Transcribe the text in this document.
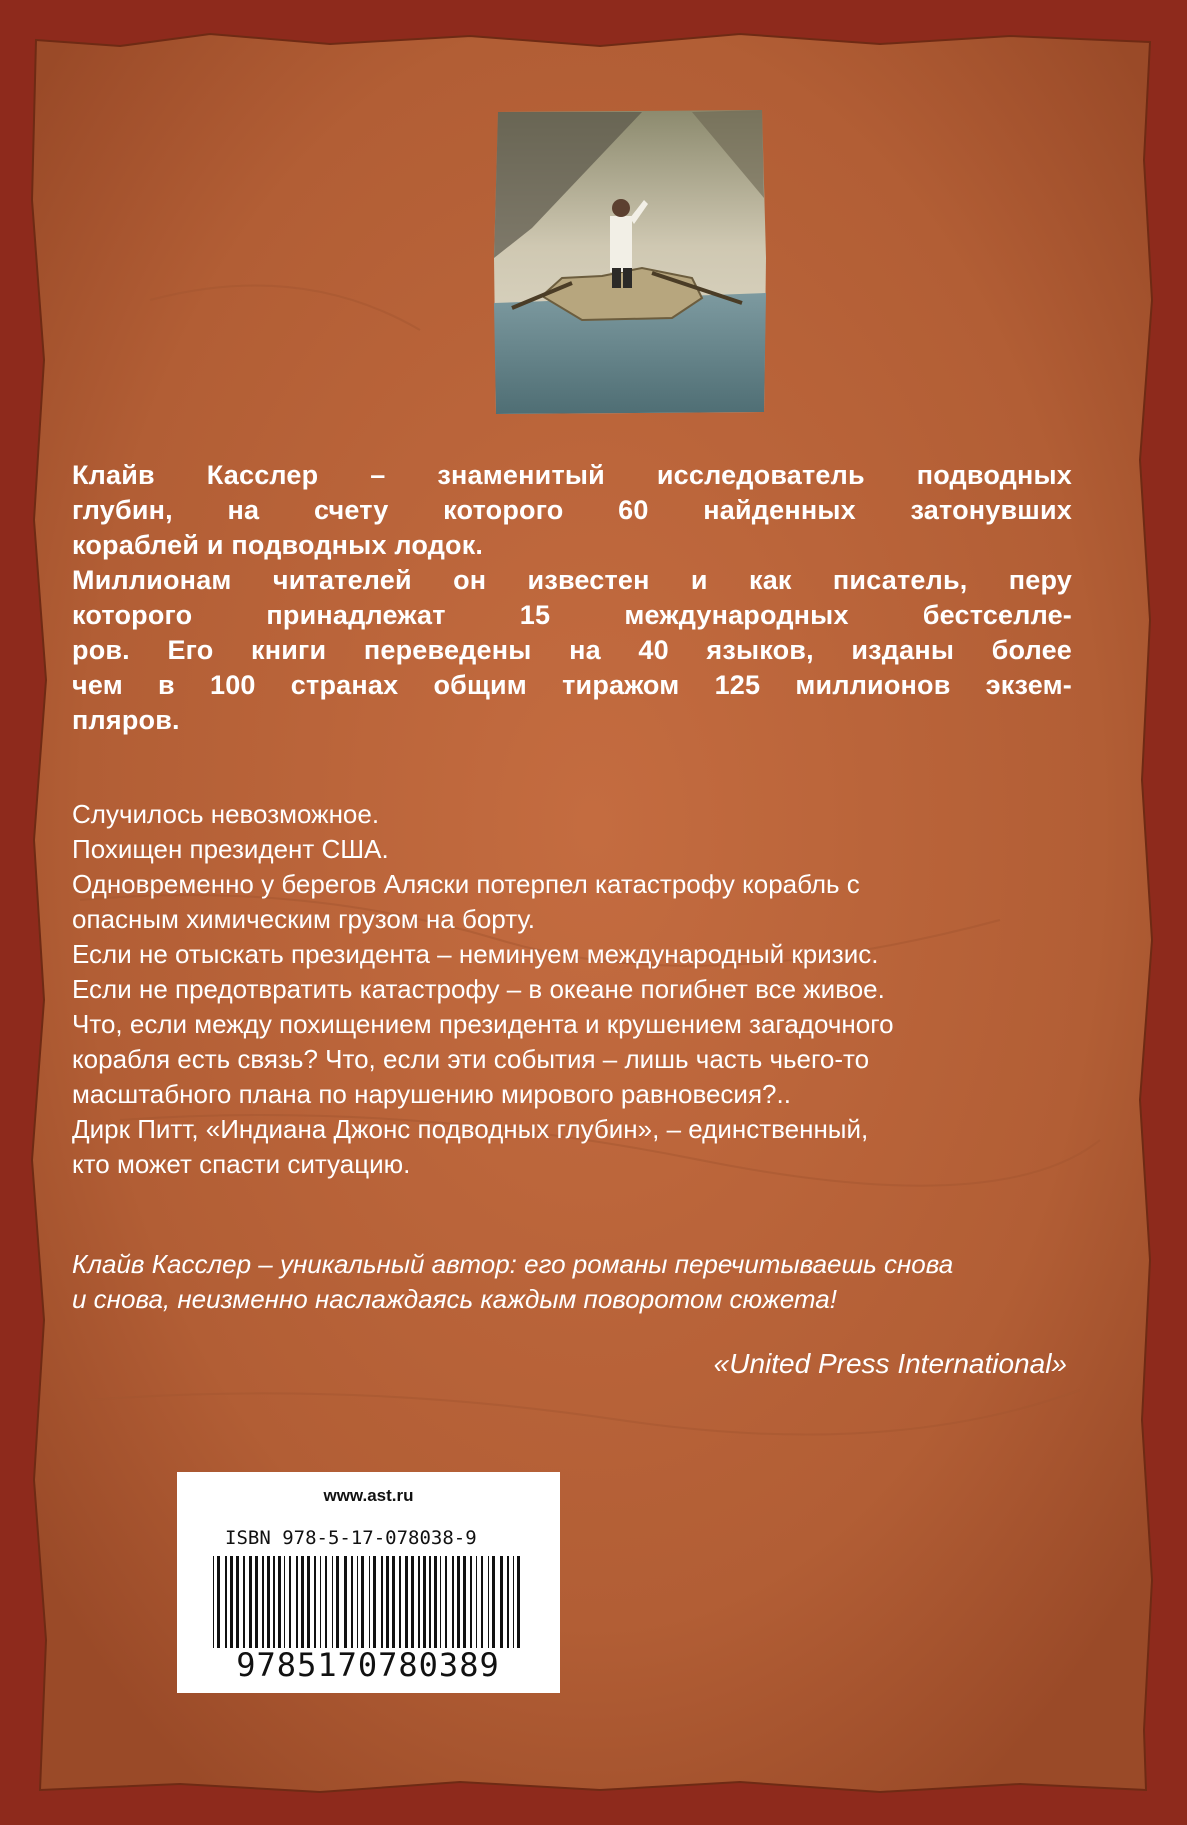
Клайв Касслер – знаменитый исследователь подводных
глубин, на счету которого 60 найденных затонувших
кораблей и подводных лодок.
Миллионам читателей он известен и как писатель, перу
которого принадлежат 15 международных бестселле-
ров. Его книги переведены на 40 языков, изданы более
чем в 100 странах общим тиражом 125 миллионов экзем-
пляров.
Случилось невозможное.
Похищен президент США.
Одновременно у берегов Аляски потерпел катастрофу корабль с
опасным химическим грузом на борту.
Если не отыскать президента – неминуем международный кризис.
Если не предотвратить катастрофу – в океане погибнет все живое.
Что, если между похищением президента и крушением загадочного
корабля есть связь? Что, если эти события – лишь часть чьего-то
масштабного плана по нарушению мирового равновесия?..
Дирк Питт, «Индиана Джонс подводных глубин», – единственный,
кто может спасти ситуацию.
Клайв Касслер – уникальный автор: его романы перечитываешь снова
и снова, неизменно наслаждаясь каждым поворотом сюжета!
«United Press International»
www.ast.ru
ISBN 978-5-17-078038-9
9785170780389
